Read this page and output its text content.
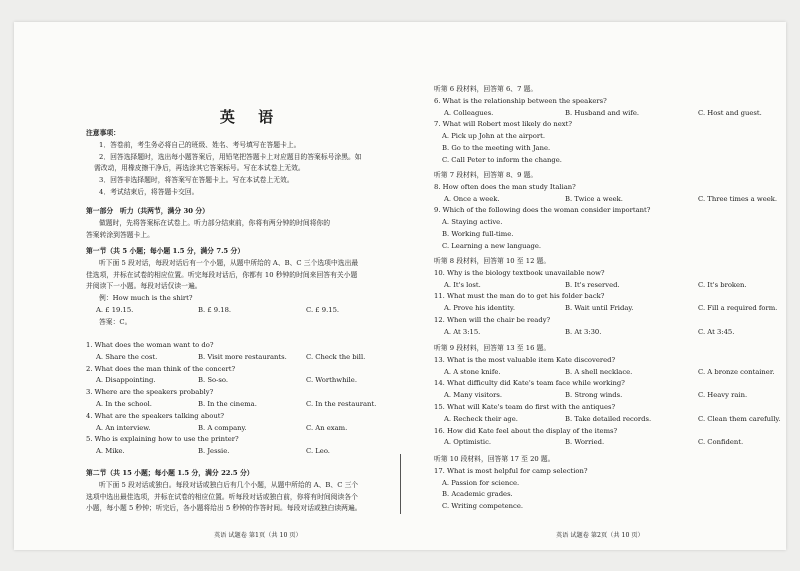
英 语
注意事项：
1．答卷前，考生务必将自己的班级、姓名、考号填写在答题卡上。
2．回答选择题时，选出每小题答案后，用铅笔把答题卡上对应题目的答案标号涂黑。如
需改动，用橡皮擦干净后，再选涂其它答案标号。写在本试卷上无效。
3．回答非选择题时，将答案写在答题卡上。写在本试卷上无效。
4．考试结束后，将答题卡交回。
第一部分　听力（共两节，满分 30 分）
做题时，先将答案标在试卷上。听力部分结束前，你将有两分钟的时间将你的
答案转涂到答题卡上。
第一节（共 5 小题；每小题 1.5 分，满分 7.5 分）
听下面 5 段对话，每段对话后有一个小题，从题中所给的 A、B、C 三个选项中选出最
佳选项，并标在试卷的相应位置。听完每段对话后，你都有 10 秒钟的时间来回答有关小题
并阅读下一小题。每段对话仅读一遍。
例：How much is the shirt?
A. £ 19.15.	B. £ 9.18.	C. £ 9.15.
答案：C。
1. What does the woman want to do?
A. Share the cost.	B. Visit more restaurants.	C. Check the bill.
2. What does the man think of the concert?
A. Disappointing.	B. So-so.	C. Worthwhile.
3. Where are the speakers probably?
A. In the school.	B. In the cinema.	C. In the restaurant.
4. What are the speakers talking about?
A. An interview.	B. A company.	C. An exam.
5. Who is explaining how to use the printer?
A. Mike.	B. Jessie.	C. Leo.
第二节（共 15 小题；每小题 1.5 分，满分 22.5 分）
听下面 5 段对话或独白。每段对话或独白后有几个小题，从题中所给的 A、B、C 三个
选项中选出最佳选项，并标在试卷的相应位置。听每段对话或独白前，你将有时间阅读各个
小题，每小题 5 秒钟；听完后，各小题将给出 5 秒钟的作答时间。每段对话或独白读两遍。
英语 试题卷 第1页（共 10 页）
听第 6 段材料，回答第 6、7 题。
6. What is the relationship between the speakers?
A. Colleagues.	B. Husband and wife.	C. Host and guest.
7. What will Robert most likely do next?
A. Pick up John at the airport.
B. Go to the meeting with Jane.
C. Call Peter to inform the change.
听第 7 段材料，回答第 8、9 题。
8. How often does the man study Italian?
A. Once a week.	B. Twice a week.	C. Three times a week.
9. Which of the following does the woman consider important?
A. Staying active.
B. Working full-time.
C. Learning a new language.
听第 8 段材料，回答第 10 至 12 题。
10. Why is the biology textbook unavailable now?
A. It's lost.	B. It's reserved.	C. It's broken.
11. What must the man do to get his folder back?
A. Prove his identity.	B. Wait until Friday.	C. Fill a required form.
12. When will the chair be ready?
A. At 3:15.	B. At 3:30.	C. At 3:45.
听第 9 段材料，回答第 13 至 16 题。
13. What is the most valuable item Kate discovered?
A. A stone knife.	B. A shell necklace.	C. A bronze container.
14. What difficulty did Kate's team face while working?
A. Many visitors.	B. Strong winds.	C. Heavy rain.
15. What will Kate's team do first with the antiques?
A. Recheck their age.	B. Take detailed records.	C. Clean them carefully.
16. How did Kate feel about the display of the items?
A. Optimistic.	B. Worried.	C. Confident.
听第 10 段材料，回答第 17 至 20 题。
17. What is most helpful for camp selection?
A. Passion for science.
B. Academic grades.
C. Writing competence.
英语 试题卷 第2页（共 10 页）
